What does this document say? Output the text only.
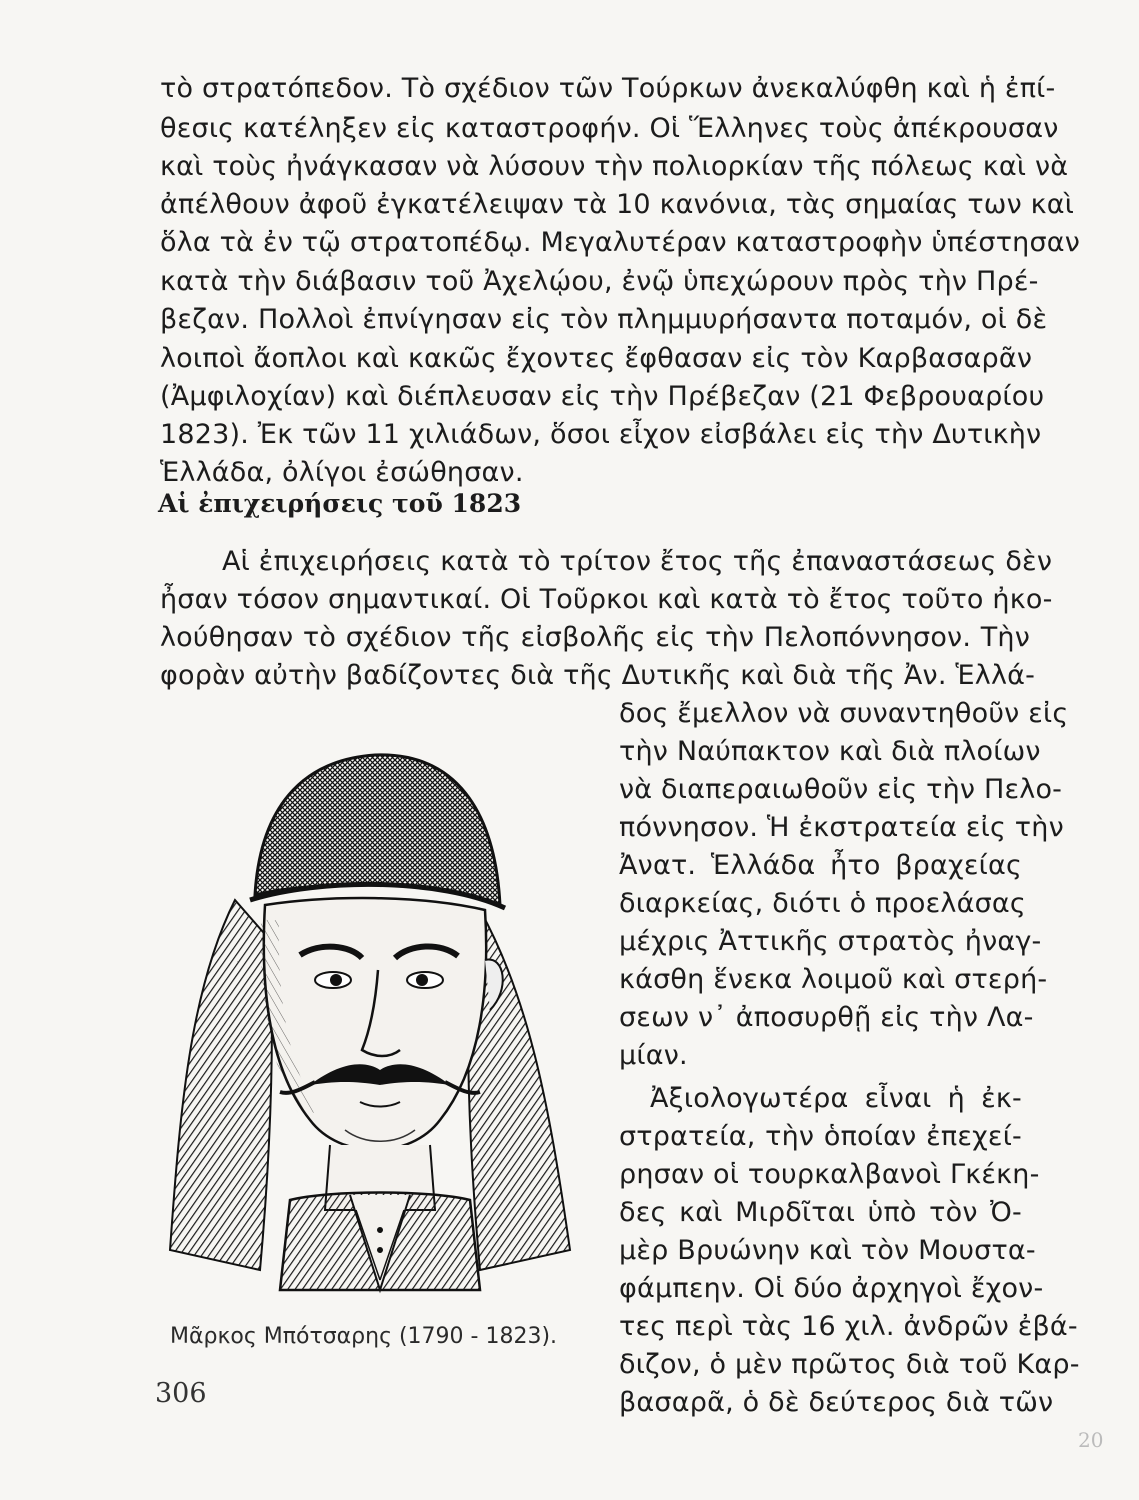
τὸ στρατόπεδον. Τὸ σχέδιον τῶν Τούρκων ἀνεκαλύφθη καὶ ἡ ἐπί-
θεσις κατέληξεν εἰς καταστροφήν. Οἱ Ἕλληνες τοὺς ἀπέκρουσαν
καὶ τοὺς ἠνάγκασαν νὰ λύσουν τὴν πολιορκίαν τῆς πόλεως καὶ νὰ
ἀπέλθουν ἀφοῦ ἐγκατέλειψαν τὰ 10 κανόνια, τὰς σημαίας των καὶ
ὅλα τὰ ἐν τῷ στρατοπέδῳ. Μεγαλυτέραν καταστροφὴν ὑπέστησαν
κατὰ τὴν διάβασιν τοῦ Ἀχελῴου, ἐνῷ ὑπεχώρουν πρὸς τὴν Πρέ-
βεζαν. Πολλοὶ ἐπνίγησαν εἰς τὸν πλημμυρήσαντα ποταμόν, οἱ δὲ
λοιποὶ ἄοπλοι καὶ κακῶς ἔχοντες ἔφθασαν εἰς τὸν Καρβασαρᾶν
(Ἀμφιλοχίαν) καὶ διέπλευσαν εἰς τὴν Πρέβεζαν (21 Φεβρουαρίου
1823). Ἐκ τῶν 11 χιλιάδων, ὅσοι εἶχον εἰσβάλει εἰς τὴν Δυτικὴν
Ἑλλάδα, ὀλίγοι ἐσώθησαν.
Αἱ ἐπιχειρήσεις τοῦ 1823
Αἱ ἐπιχειρήσεις κατὰ τὸ τρίτον ἔτος τῆς ἐπαναστάσεως δὲν
ἦσαν τόσον σημαντικαί. Οἱ Τοῦρκοι καὶ κατὰ τὸ ἔτος τοῦτο ἠκο-
λούθησαν τὸ σχέδιον τῆς εἰσβολῆς εἰς τὴν Πελοπόννησον. Τὴν
φορὰν αὐτὴν βαδίζοντες διὰ τῆς Δυτικῆς καὶ διὰ τῆς Ἀν. Ἑλλά-
δος ἔμελλον νὰ συναντηθοῦν εἰς
τὴν Ναύπακτον καὶ διὰ πλοίων
νὰ διαπεραιωθοῦν εἰς τὴν Πελο-
πόννησον. Ἡ ἐκστρατεία εἰς τὴν
Ἀνατ. Ἑλλάδα ἦτο βραχείας
διαρκείας, διότι ὁ προελάσας
μέχρις Ἀττικῆς στρατὸς ἠναγ-
κάσθη ἕνεκα λοιμοῦ καὶ στερή-
σεων ν᾽ ἀποσυρθῇ εἰς τὴν Λα-
μίαν.
Ἀξιολογωτέρα εἶναι ἡ ἐκ-
στρατεία, τὴν ὁποίαν ἐπεχεί-
ρησαν οἱ τουρκαλβανοὶ Γκέκη-
δες καὶ Μιρδῖται ὑπὸ τὸν Ὀ-
μὲρ Βρυώνην καὶ τὸν Μουστα-
φάμπεην. Οἱ δύο ἀρχηγοὶ ἔχον-
τες περὶ τὰς 16 χιλ. ἀνδρῶν ἐβά-
διζον, ὁ μὲν πρῶτος διὰ τοῦ Καρ-
βασαρᾶ, ὁ δὲ δεύτερος διὰ τῶν
Μᾶρκος Μπότσαρης (1790 - 1823).
306
20
